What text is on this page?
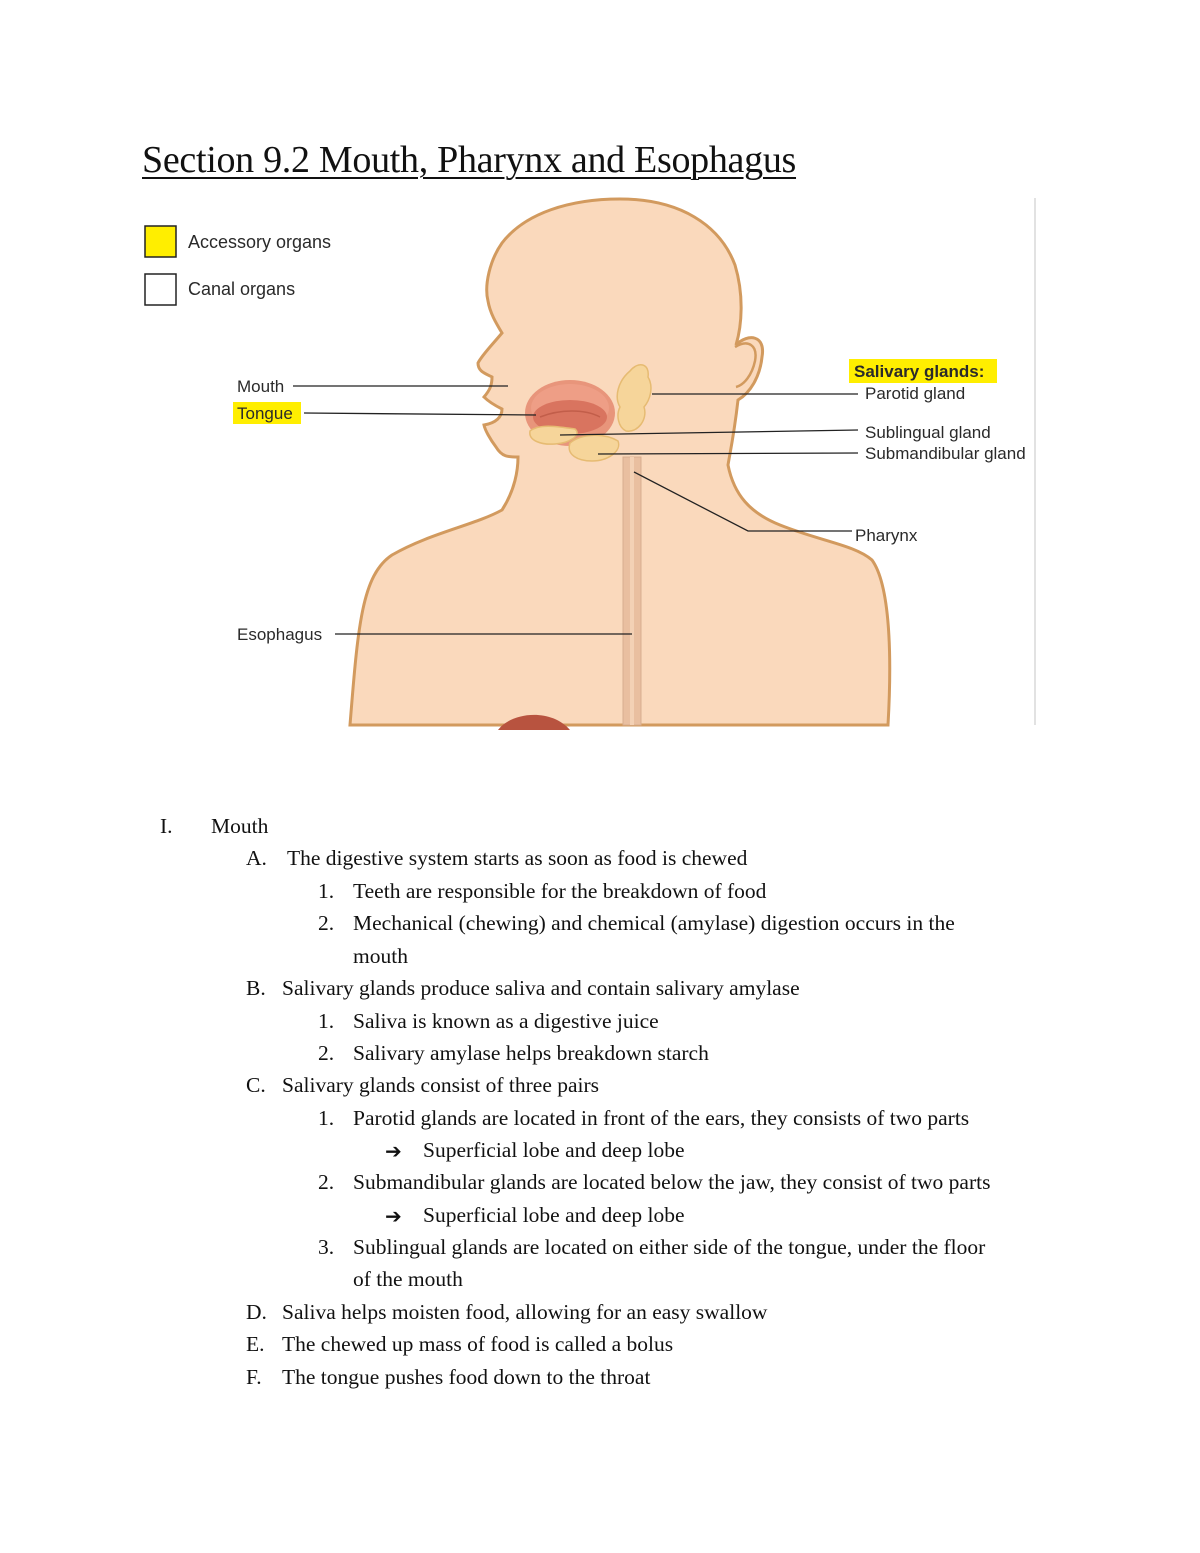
Section 9.2 Mouth, Pharynx and Esophagus
Accessory organs
Canal organs
Mouth
Tongue
Esophagus
Salivary glands:
Parotid gland
Sublingual gland
Submandibular gland
Pharynx
I. Mouth
A. The digestive system starts as soon as food is chewed
1. Teeth are responsible for the breakdown of food
2. Mechanical (chewing) and chemical (amylase) digestion occurs in the
mouth
B. Salivary glands produce saliva and contain salivary amylase
1. Saliva is known as a digestive juice
2. Salivary amylase helps breakdown starch
C. Salivary glands consist of three pairs
1. Parotid glands are located in front of the ears, they consists of two parts
➔ Superficial lobe and deep lobe
2. Submandibular glands are located below the jaw, they consist of two parts
➔ Superficial lobe and deep lobe
3. Sublingual glands are located on either side of the tongue, under the floor
of the mouth
D. Saliva helps moisten food, allowing for an easy swallow
E. The chewed up mass of food is called a bolus
F. The tongue pushes food down to the throat
